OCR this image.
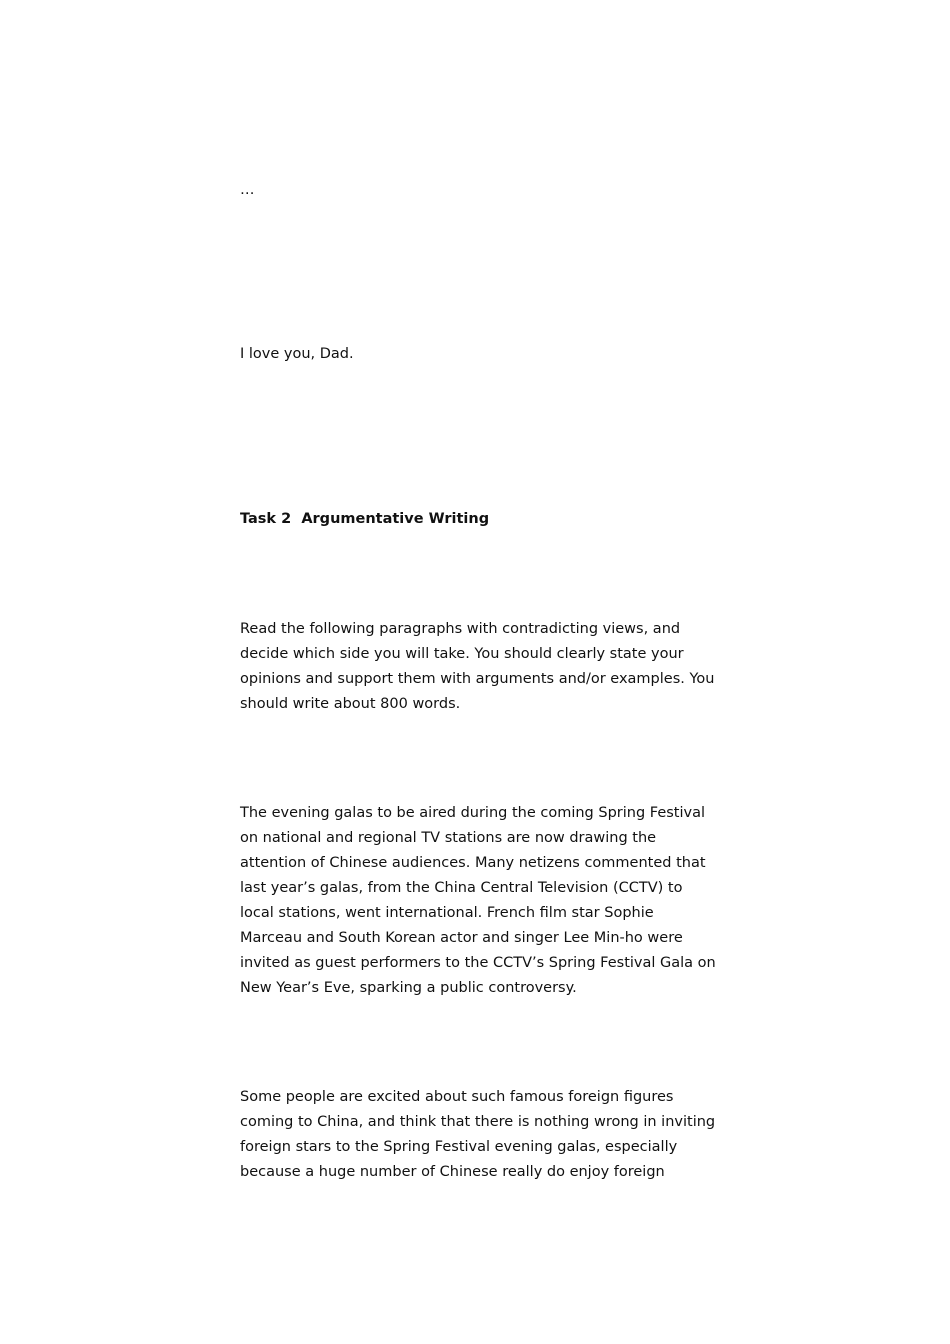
…

I love you, Dad.

Task 2  Argumentative Writing

Read the following paragraphs with contradicting views, and decide which side you will take. You should clearly state your opinions and support them with arguments and/or examples. You should write about 800 words.

The evening galas to be aired during the coming Spring Festival on national and regional TV stations are now drawing the attention of Chinese audiences. Many netizens commented that last year’s galas, from the China Central Television (CCTV) to local stations, went international. French film star Sophie Marceau and South Korean actor and singer Lee Min-ho were invited as guest performers to the CCTV’s Spring Festival Gala on New Year’s Eve, sparking a public controversy.

Some people are excited about such famous foreign figures coming to China, and think that there is nothing wrong in inviting foreign stars to the Spring Festival evening galas, especially because a huge number of Chinese really do enjoy foreign
